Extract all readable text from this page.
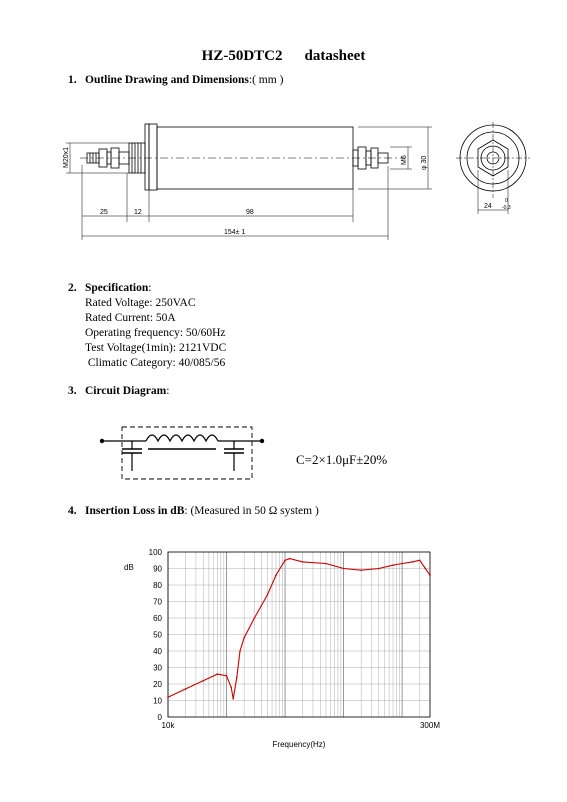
HZ-50DTC2 datasheet
1. Outline Drawing and Dimensions:( mm )
M20x1	M6 φ 30
25	12	98
154± 1
24
0
-0.3
2. Specification:
Rated Voltage: 250VAC
Rated Current: 50A
Operating frequency: 50/60Hz
Test Voltage(1min): 2121VDC
Climatic Category: 40/085/56
3. Circuit Diagram:
C=2×1.0μF±20%
4. Insertion Loss in dB: (Measured in 50 Ω system )
0
10
20
30
40
50
60
70
80
90
100
10k	300M
dB
Frequency(Hz)
